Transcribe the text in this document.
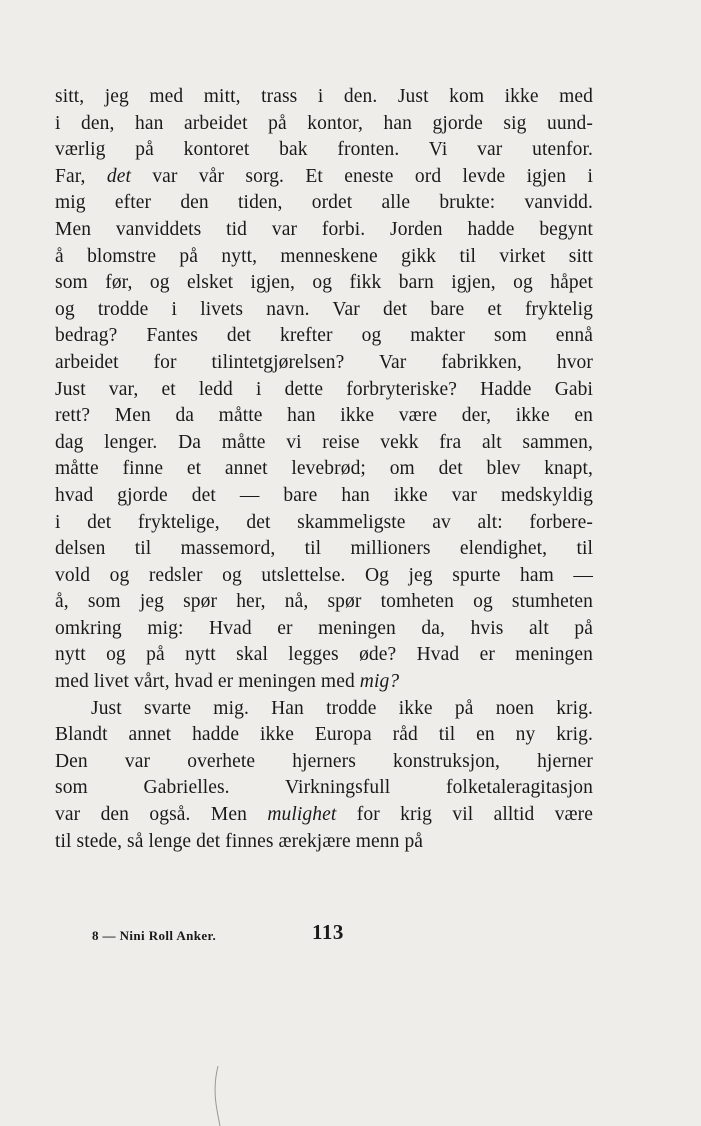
sitt, jeg med mitt, trass i den. Just kom ikke med
i den, han arbeidet på kontor, han gjorde sig uund-
værlig på kontoret bak fronten. Vi var utenfor.
Far, det var vår sorg. Et eneste ord levde igjen i
mig efter den tiden, ordet alle brukte: vanvidd.
Men vanviddets tid var forbi. Jorden hadde begynt
å blomstre på nytt, menneskene gikk til virket sitt
som før, og elsket igjen, og fikk barn igjen, og håpet
og trodde i livets navn. Var det bare et fryktelig
bedrag? Fantes det krefter og makter som ennå
arbeidet for tilintetgjørelsen? Var fabrikken, hvor
Just var, et ledd i dette forbryteriske? Hadde Gabi
rett? Men da måtte han ikke være der, ikke en
dag lenger. Da måtte vi reise vekk fra alt sammen,
måtte finne et annet levebrød; om det blev knapt,
hvad gjorde det — bare han ikke var medskyldig
i det fryktelige, det skammeligste av alt: forbere-
delsen til massemord, til millioners elendighet, til
vold og redsler og utslettelse. Og jeg spurte ham —
å, som jeg spør her, nå, spør tomheten og stumheten
omkring mig: Hvad er meningen da, hvis alt på
nytt og på nytt skal legges øde? Hvad er meningen
med livet vårt, hvad er meningen med mig?
Just svarte mig. Han trodde ikke på noen krig.
Blandt annet hadde ikke Europa råd til en ny krig.
Den var overhete hjerners konstruksjon, hjerner
som Gabrielles. Virkningsfull folketaleragitasjon
var den også. Men mulighet for krig vil alltid være
til stede, så lenge det finnes ærekjære menn på
8 — Nini Roll Anker.	113
